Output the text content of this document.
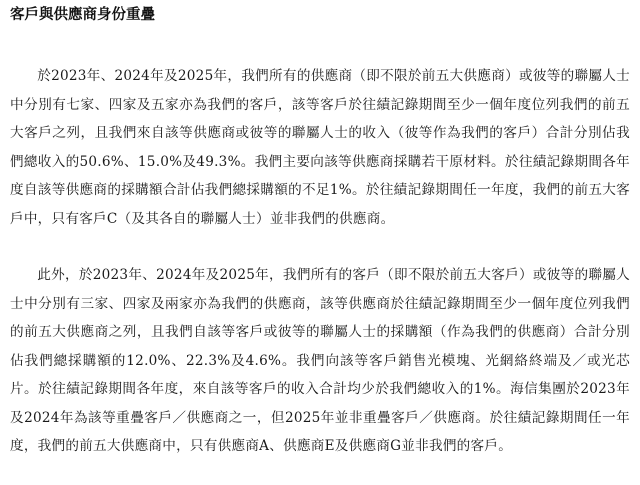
客戶與供應商身份重疊

於2023年、2024年及2025年，我們所有的供應商（即不限於前五大供應商）或彼等的聯屬人士中分別有七家、四家及五家亦為我們的客戶，該等客戶於往績記錄期間至少一個年度位列我們的前五大客戶之列，且我們來自該等供應商或彼等的聯屬人士的收入（彼等作為我們的客戶）合計分別佔我們總收入的50.6%、15.0%及49.3%。我們主要向該等供應商採購若干原材料。於往績記錄期間各年度自該等供應商的採購額合計佔我們總採購額的不足1%。於往績記錄期間任一年度，我們的前五大客戶中，只有客戶C（及其各自的聯屬人士）並非我們的供應商。

此外，於2023年、2024年及2025年，我們所有的客戶（即不限於前五大客戶）或彼等的聯屬人士中分別有三家、四家及兩家亦為我們的供應商，該等供應商於往績記錄期間至少一個年度位列我們的前五大供應商之列，且我們自該等客戶或彼等的聯屬人士的採購額（作為我們的供應商）合計分別佔我們總採購額的12.0%、22.3%及4.6%。我們向該等客戶銷售光模塊、光網絡終端及／或光芯片。於往績記錄期間各年度，來自該等客戶的收入合計均少於我們總收入的1%。海信集團於2023年及2024年為該等重疊客戶／供應商之一，但2025年並非重疊客戶／供應商。於往績記錄期間任一年度，我們的前五大供應商中，只有供應商A、供應商E及供應商G並非我們的客戶。
